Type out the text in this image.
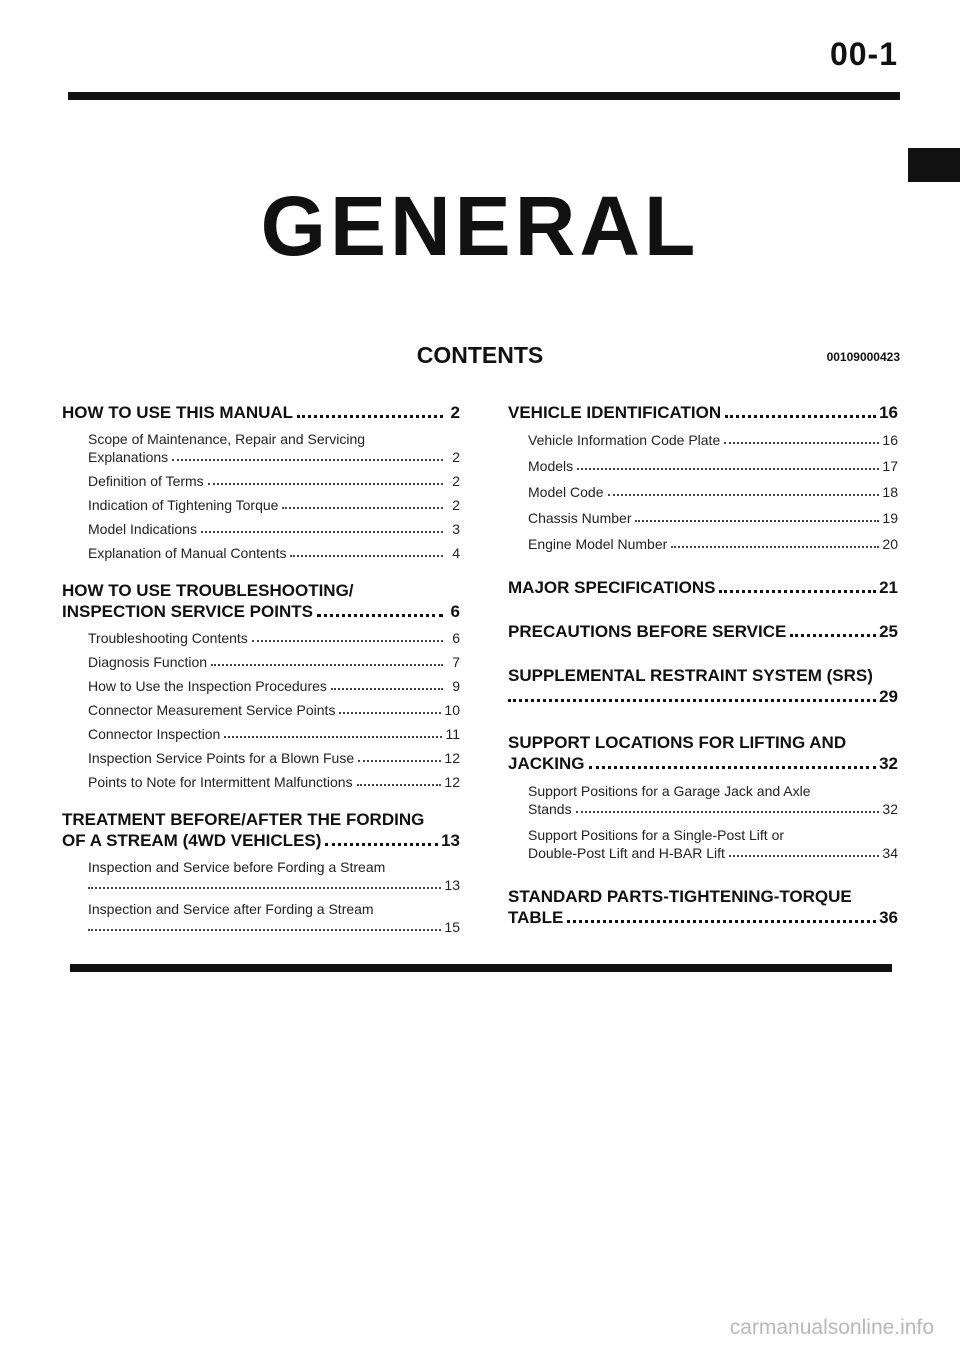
00-1
GENERAL
CONTENTS	00109000423
HOW TO USE THIS MANUAL	2
Scope of Maintenance, Repair and Servicing
Explanations	2
Definition of Terms	2
Indication of Tightening Torque	2
Model Indications	3
Explanation of Manual Contents	4
HOW TO USE TROUBLESHOOTING/
INSPECTION SERVICE POINTS	6
Troubleshooting Contents	6
Diagnosis Function	7
How to Use the Inspection Procedures	9
Connector Measurement Service Points	10
Connector Inspection	11
Inspection Service Points for a Blown Fuse	12
Points to Note for Intermittent Malfunctions	12
TREATMENT BEFORE/AFTER THE FORDING
OF A STREAM (4WD VEHICLES)	13
Inspection and Service before Fording a Stream
13
Inspection and Service after Fording a Stream
15
VEHICLE IDENTIFICATION	16
Vehicle Information Code Plate	16
Models	17
Model Code	18
Chassis Number	19
Engine Model Number	20
MAJOR SPECIFICATIONS	21
PRECAUTIONS BEFORE SERVICE	25
SUPPLEMENTAL RESTRAINT SYSTEM (SRS)
29
SUPPORT LOCATIONS FOR LIFTING AND
JACKING	32
Support Positions for a Garage Jack and Axle
Stands	32
Support Positions for a Single-Post Lift or
Double-Post Lift and H-BAR Lift	34
STANDARD PARTS-TIGHTENING-TORQUE
TABLE	36
carmanualsonline.info
